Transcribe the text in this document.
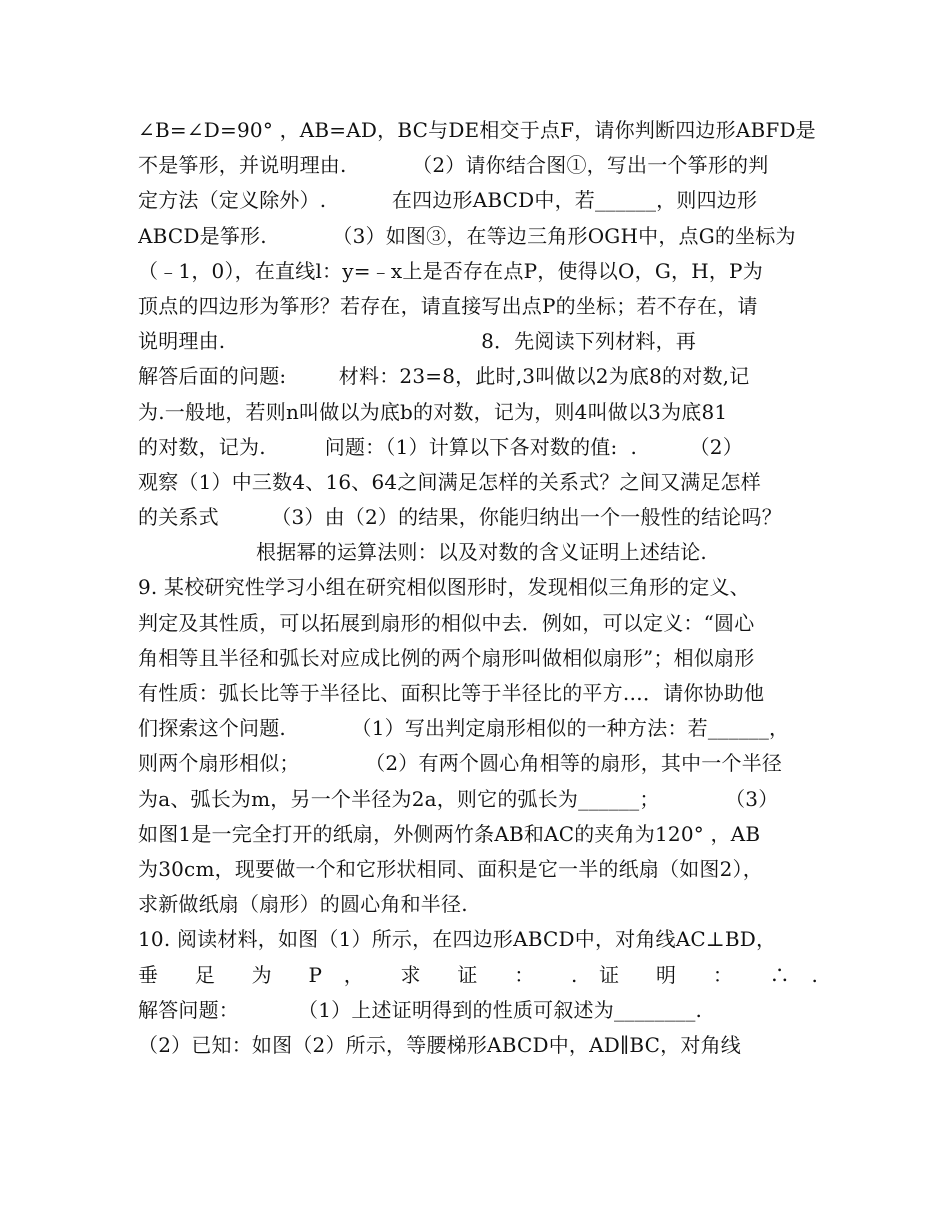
∠B=∠D=90° ，AB=AD，BC与DE相交于点F，请你判断四边形ABFD是
不是筝形，并说明理由.          （2）请你结合图①，写出一个筝形的判
定方法（定义除外）.          在四边形ABCD中，若______，则四边形
ABCD是筝形.          （3）如图③，在等边三角形OGH中，点G的坐标为
（﹣1，0），在直线l：y=﹣x上是否存在点P，使得以O，G，H，P为
顶点的四边形为筝形？若存在，请直接写出点P的坐标；若不存在，请
说明理由.                                       8．先阅读下列材料，再
解答后面的问题:        材料：23=8，此时,3叫做以2为底8的对数,记
为.一般地，若则n叫做以为底b的对数，记为，则4叫做以3为底81
的对数，记为.         问题：（1）计算以下各对数的值:  .        （2）
观察（1）中三数4、16、64之间满足怎样的关系式？之间又满足怎样
的关系式        （3）由（2）的结果，你能归纳出一个一般性的结论吗？
根据幂的运算法则：以及对数的含义证明上述结论.
9. 某校研究性学习小组在研究相似图形时，发现相似三角形的定义、
判定及其性质，可以拓展到扇形的相似中去．例如，可以定义：“圆心
角相等且半径和弧长对应成比例的两个扇形叫做相似扇形”；相似扇形
有性质：弧长比等于半径比、面积比等于半径比的平方…．请你协助他
们探索这个问题.          （1）写出判定扇形相似的一种方法：若______，
则两个扇形相似；          （2）有两个圆心角相等的扇形，其中一个半径
为a、弧长为m，另一个半径为2a，则它的弧长为______；          （3）
如图1是一完全打开的纸扇，外侧两竹条AB和AC的夹角为120° ，AB
为30cm，现要做一个和它形状相同、面积是它一半的纸扇（如图2），
求新做纸扇（扇形）的圆心角和半径.
10. 阅读材料，如图（1）所示，在四边形ABCD中，对角线AC⊥BD，
垂 足 为 P ， 求 证 ： . 证 明 ： ∴ .
解答问题：         （1）上述证明得到的性质可叙述为________.
（2）已知：如图（2）所示，等腰梯形ABCD中，AD∥BC，对角线
